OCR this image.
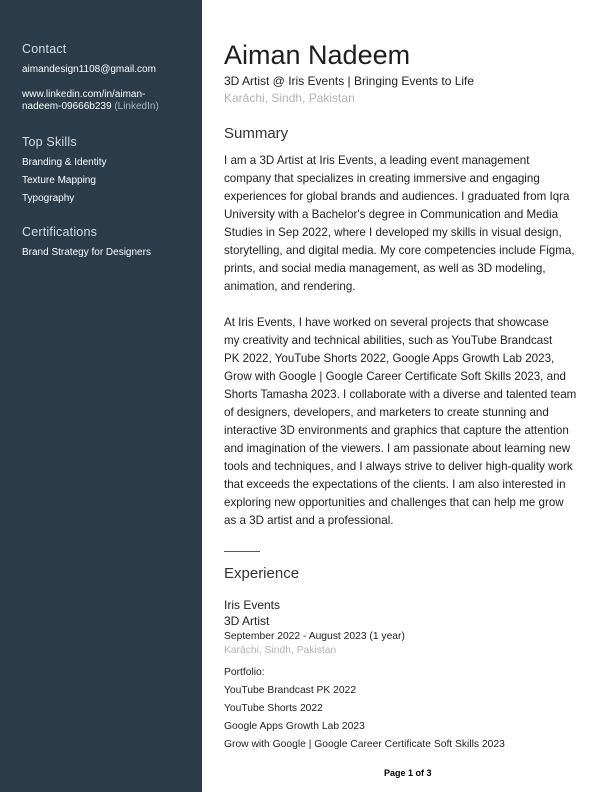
Contact
aimandesign1108@gmail.com
www.linkedin.com/in/aiman-
nadeem-09666b239 (LinkedIn)
Top Skills
Branding & Identity
Texture Mapping
Typography
Certifications
Brand Strategy for Designers
Aiman Nadeem
3D Artist @ Iris Events | Bringing Events to Life
Karāchi, Sindh, Pakistan
Summary
I am a 3D Artist at Iris Events, a leading event management
company that specializes in creating immersive and engaging
experiences for global brands and audiences. I graduated from Iqra
University with a Bachelor's degree in Communication and Media
Studies in Sep 2022, where I developed my skills in visual design,
storytelling, and digital media. My core competencies include Figma,
prints, and social media management, as well as 3D modeling,
animation, and rendering.
At Iris Events, I have worked on several projects that showcase
my creativity and technical abilities, such as YouTube Brandcast
PK 2022, YouTube Shorts 2022, Google Apps Growth Lab 2023,
Grow with Google | Google Career Certificate Soft Skills 2023, and
Shorts Tamasha 2023. I collaborate with a diverse and talented team
of designers, developers, and marketers to create stunning and
interactive 3D environments and graphics that capture the attention
and imagination of the viewers. I am passionate about learning new
tools and techniques, and I always strive to deliver high-quality work
that exceeds the expectations of the clients. I am also interested in
exploring new opportunities and challenges that can help me grow
as a 3D artist and a professional.
Experience
Iris Events
3D Artist
September 2022 - August 2023 (1 year)
Karāchi, Sindh, Pakistan
Portfolio:
YouTube Brandcast PK 2022
YouTube Shorts 2022
Google Apps Growth Lab 2023
Grow with Google | Google Career Certificate Soft Skills 2023
Page 1 of 3
